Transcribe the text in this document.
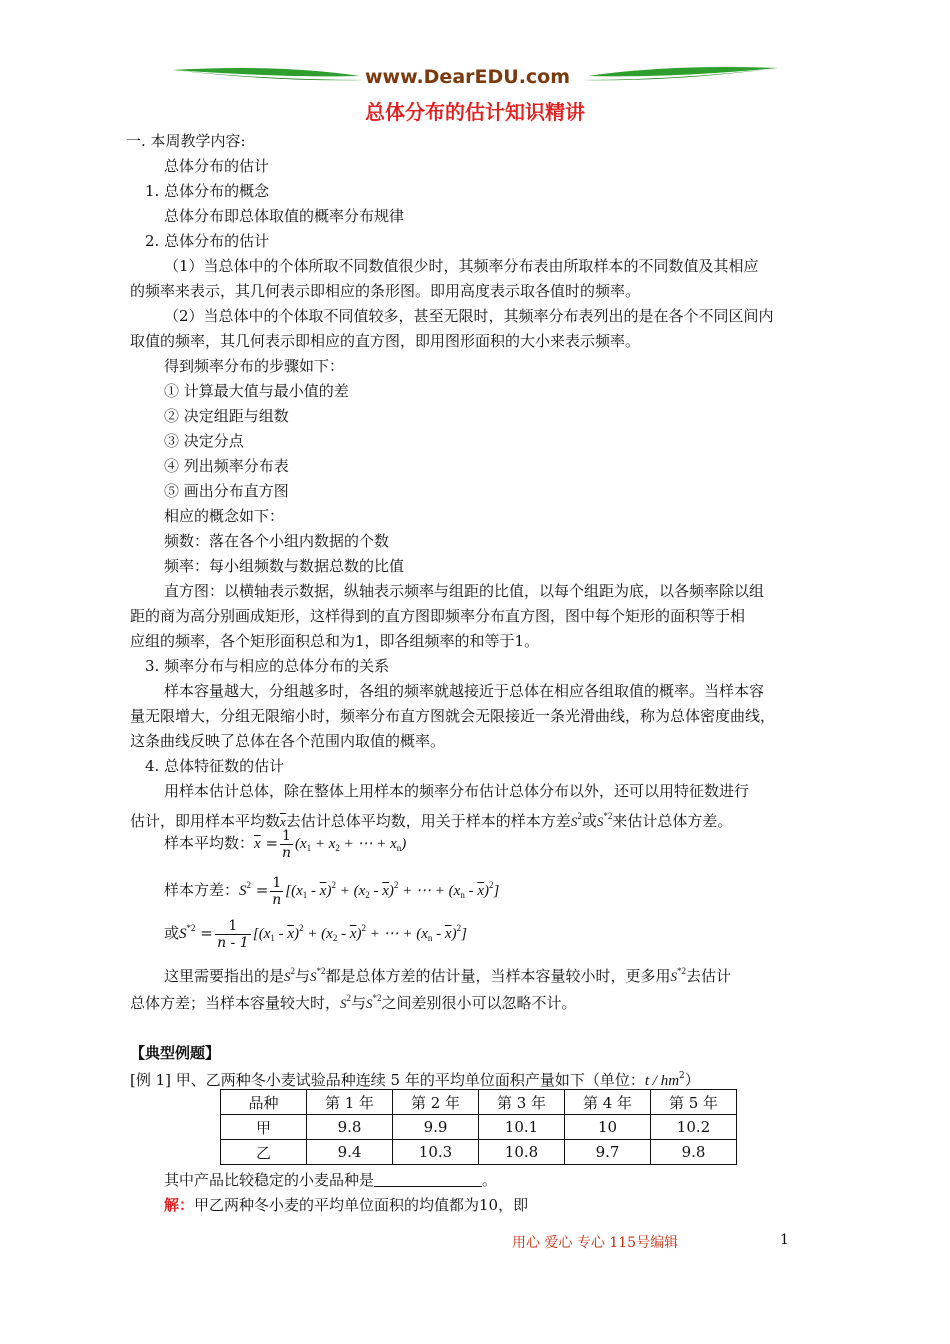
www.DearEDU.com
总体分布的估计知识精讲
一. 本周教学内容:
总体分布的估计
1. 总体分布的概念
总体分布即总体取值的概率分布规律
2. 总体分布的估计
（1）当总体中的个体所取不同数值很少时，其频率分布表由所取样本的不同数值及其相应
的频率来表示，其几何表示即相应的条形图。即用高度表示取各值时的频率。
（2）当总体中的个体取不同值较多，甚至无限时，其频率分布表列出的是在各个不同区间内
取值的频率，其几何表示即相应的直方图，即用图形面积的大小来表示频率。
得到频率分布的步骤如下：
① 计算最大值与最小值的差
② 决定组距与组数
③ 决定分点
④ 列出频率分布表
⑤ 画出分布直方图
相应的概念如下：
频数：落在各个小组内数据的个数
频率：每小组频数与数据总数的比值
直方图：以横轴表示数据，纵轴表示频率与组距的比值，以每个组距为底，以各频率除以组
距的商为高分别画成矩形，这样得到的直方图即频率分布直方图，图中每个矩形的面积等于相
应组的频率，各个矩形面积总和为1，即各组频率的和等于1。
3. 频率分布与相应的总体分布的关系
样本容量越大，分组越多时，各组的频率就越接近于总体在相应各组取值的概率。当样本容
量无限增大，分组无限缩小时，频率分布直方图就会无限接近一条光滑曲线，称为总体密度曲线，
这条曲线反映了总体在各个范围内取值的概率。
4. 总体特征数的估计
用样本估计总体，除在整体上用样本的频率分布估计总体分布以外，还可以用特征数进行
估计，即用样本平均数$\overline{x}$去估计总体平均数，用关于样本的样本方差$S^2$或$S^{*2}$来估计总体方差。
样本平均数：$\overline{x} = \frac{1}{n} (x_1 + x_2$ + ⋯ + $x_n$)
样本方差：$S^2 = \frac{1}{n} [(x_1 - \overline{x})^2 + (x_2 - \overline{x})^2$ + ⋯ + $(x_n - \overline{x})^2$]
或$S^{*2} = \frac{1}{n - 1} [(x_1 - \overline{x})^2 + (x_2 - \overline{x})^2$ + ⋯ + $(x_n - \overline{x})^2$]
这里需要指出的是$S^2$与$S^{*2}$都是总体方差的估计量，当样本容量较小时，更多用$S^{*2}$去估计
总体方差；当样本容量较大时，$S^2$与$S^{*2}$之间差别很小可以忽略不计。
【典型例题】
[例 1] 甲、乙两种冬小麦试验品种连续 5 年的平均单位面积产量如下（单位：t / $hm^2$）
品种	第 1 年	第 2 年	第 3 年	第 4 年	第 5 年
甲	9.8	9.9	10.1	10	10.2
乙	9.4	10.3	10.8	9.7	9.8
其中产品比较稳定的小麦品种是	。
解：甲乙两种冬小麦的平均单位面积的均值都为10，即
用心 爱心 专心 115号编辑	1
